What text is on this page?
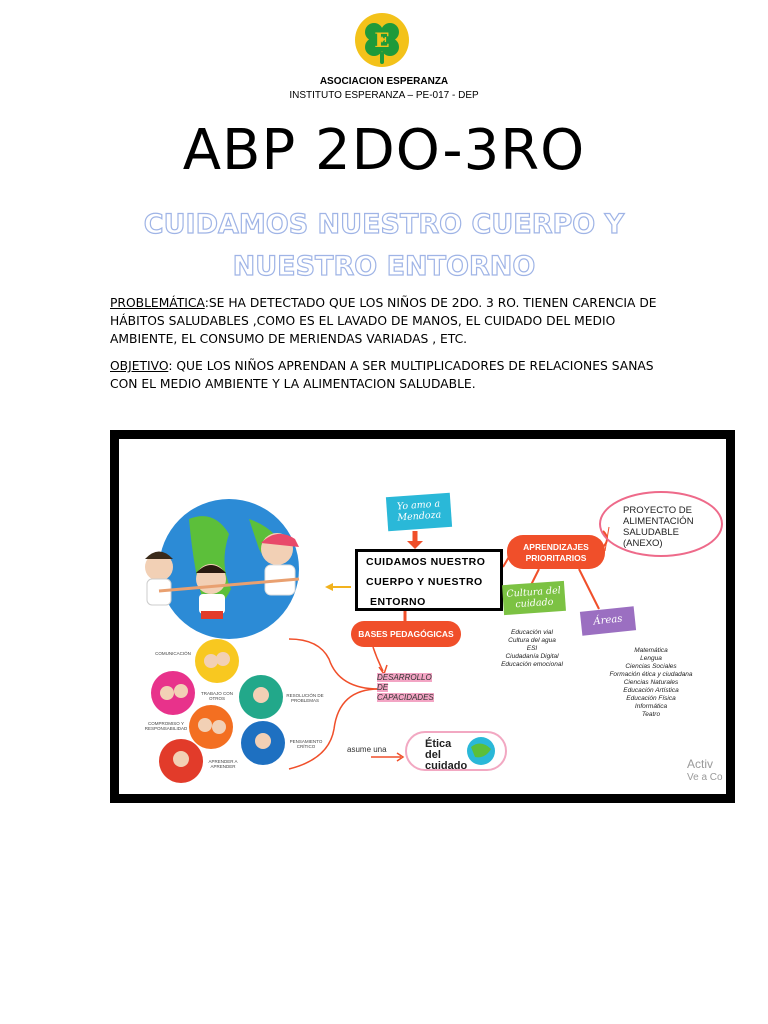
E
ASOCIACION ESPERANZA
INSTITUTO ESPERANZA – PE-017 - DEP
ABP 2DO-3RO
CUIDAMOS NUESTRO CUERPO Y NUESTRO ENTORNO
PROBLEMÁTICA:SE HA DETECTADO QUE LOS NIÑOS DE 2DO. 3 RO. TIENEN CARENCIA DE HÁBITOS SALUDABLES ,COMO ES EL LAVADO DE MANOS, EL CUIDADO DEL MEDIO AMBIENTE, EL CONSUMO DE MERIENDAS VARIADAS , ETC.
OBJETIVO: QUE LOS NIÑOS APRENDAN A SER MULTIPLICADORES DE RELACIONES SANAS CON EL MEDIO AMBIENTE Y LA ALIMENTACION SALUDABLE.
Yo amo a Mendoza
CUIDAMOS NUESTRO
CUERPO Y NUESTRO
ENTORNO
APRENDIZAJES PRIORITARIOS
PROYECTO DE ALIMENTACIÓN SALUDABLE (ANEXO)
Cultura del cuidado
Áreas
Educación vial
Cultura del agua
ESI
Ciudadanía Digital
Educación emocional
Matemática
Lengua
Ciencias Sociales
Formación ética y ciudadana
Ciencias Naturales
Educación Artística
Educación Física
Informática
Teatro
BASES PEDAGÓGICAS
DESARROLLO DE CAPACIDADES
asume una	Ética del cuidado
COMUNICACIÓN
TRABAJO CON OTROS
RESOLUCIÓN DE PROBLEMAS
COMPROMISO Y RESPONSABILIDAD
PENSAMIENTO CRÍTICO
APRENDER A APRENDER	Activ
Ve a Co
